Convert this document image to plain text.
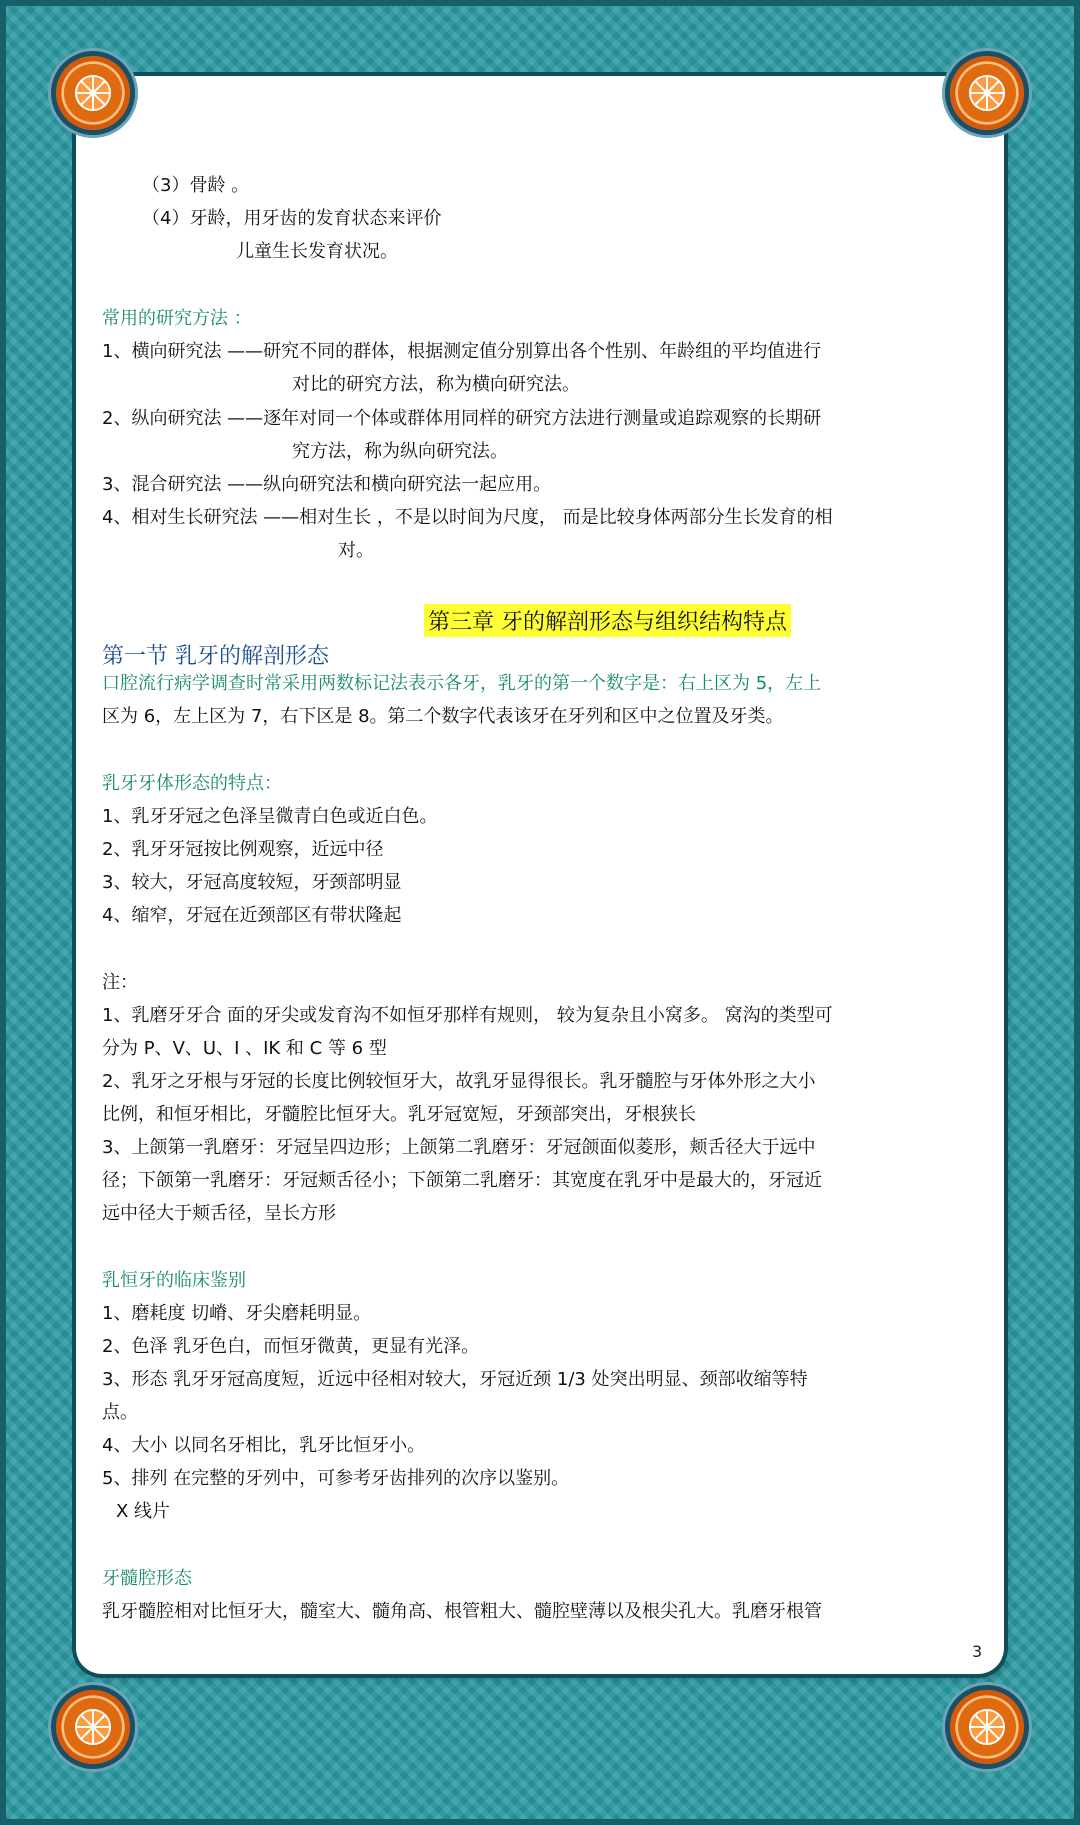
（3）骨龄 。
（4）牙龄，用牙齿的发育状态来评价
儿童生长发育状况。
常用的研究方法 ：
1、横向研究法 ——研究不同的群体，根据测定值分别算出各个性别、年龄组的平均值进行
对比的研究方法，称为横向研究法。
2、纵向研究法 ——逐年对同一个体或群体用同样的研究方法进行测量或追踪观察的长期研
究方法，称为纵向研究法。
3、混合研究法 ——纵向研究法和横向研究法一起应用。
4、相对生长研究法 ——相对生长 ，不是以时间为尺度， 而是比较身体两部分生长发育的相
对。
第三章 牙的解剖形态与组织结构特点
第一节 乳牙的解剖形态
口腔流行病学调查时常采用两数标记法表示各牙，乳牙的第一个数字是：右上区为 5，左上
区为 6，左上区为 7，右下区是 8。第二个数字代表该牙在牙列和区中之位置及牙类。
乳牙牙体形态的特点：
1、乳牙牙冠之色泽呈微青白色或近白色。
2、乳牙牙冠按比例观察，近远中径
3、较大，牙冠高度较短，牙颈部明显
4、缩窄，牙冠在近颈部区有带状隆起
注：
1、乳磨牙牙合 面的牙尖或发育沟不如恒牙那样有规则， 较为复杂且小窝多。 窝沟的类型可
分为 P、V、U、I 、IK 和 C 等 6 型
2、乳牙之牙根与牙冠的长度比例较恒牙大，故乳牙显得很长。乳牙髓腔与牙体外形之大小
比例，和恒牙相比，牙髓腔比恒牙大。乳牙冠宽短，牙颈部突出，牙根狭长
3、上颌第一乳磨牙：牙冠呈四边形；上颌第二乳磨牙：牙冠颌面似菱形，颊舌径大于远中
径；下颌第一乳磨牙：牙冠颊舌径小；下颌第二乳磨牙：其宽度在乳牙中是最大的，牙冠近
远中径大于颊舌径，呈长方形
乳恒牙的临床鉴别
1、磨耗度 切嵴、牙尖磨耗明显。
2、色泽 乳牙色白，而恒牙微黄，更显有光泽。
3、形态 乳牙牙冠高度短，近远中径相对较大，牙冠近颈 1/3 处突出明显、颈部收缩等特
点。
4、大小 以同名牙相比，乳牙比恒牙小。
5、排列 在完整的牙列中，可参考牙齿排列的次序以鉴别。
X 线片
牙髓腔形态
乳牙髓腔相对比恒牙大，髓室大、髓角高、根管粗大、髓腔壁薄以及根尖孔大。乳磨牙根管
3
